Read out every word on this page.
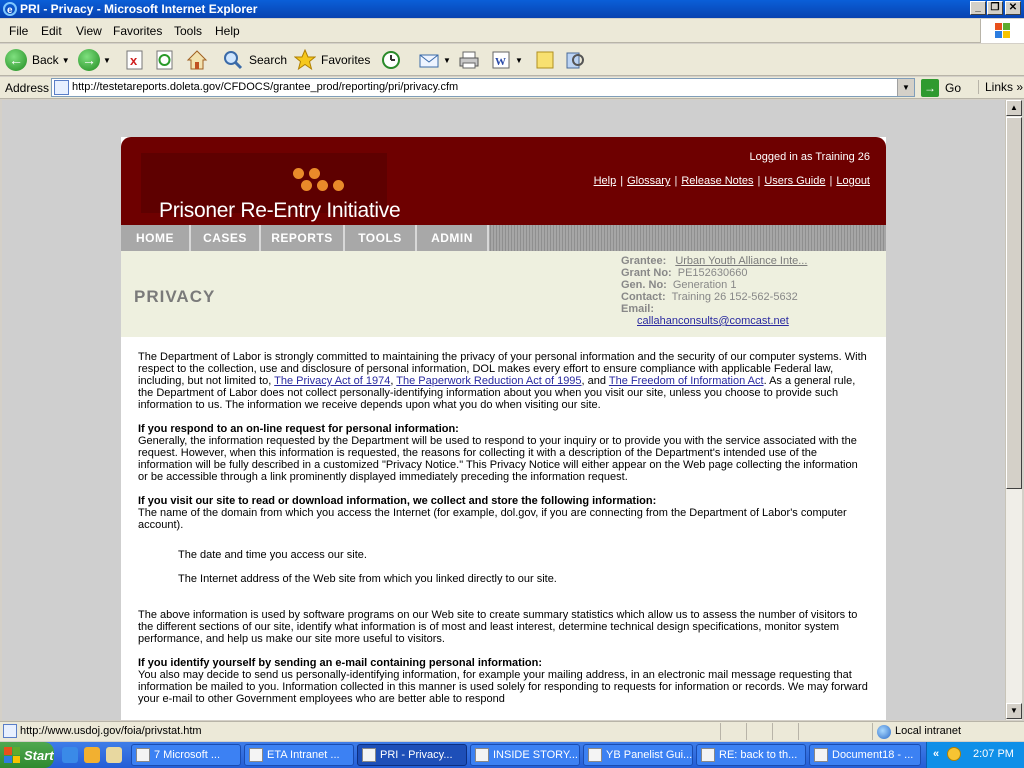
e PRI - Privacy - Microsoft Internet Explorer	_ ❐ ✕
File Edit View Favorites Tools Help
← Back ▼ → ▼ x	Search	Favorites	▼	W ▼
Address http://testetareports.doleta.gov/CFDOCS/grantee_prod/reporting/pri/privacy.cfm	▼	→ Go	Links »
Prisoner Re-Entry Initiative
Logged in as Training 26
Help | Glossary | Release Notes | Users Guide | Logout
HOME	CASES	REPORTS	TOOLS	ADMIN
PRIVACY
Grantee: Urban Youth Alliance Inte...
Grant No: PE152630660
Gen. No: Generation 1
Contact: Training 26 152-562-5632
Email:
callahanconsults@comcast.net

The Department of Labor is strongly committed to maintaining the privacy of your personal information and the security of our computer systems. With respect to the collection, use and disclosure of personal information, DOL makes every effort to ensure compliance with applicable Federal law, including, but not limited to, The Privacy Act of 1974, The Paperwork Reduction Act of 1995, and The Freedom of Information Act. As a general rule, the Department of Labor does not collect personally-identifying information about you when you visit our site, unless you choose to provide such information to us. The information we receive depends upon what you do when visiting our site.

If you respond to an on-line request for personal information:
Generally, the information requested by the Department will be used to respond to your inquiry or to provide you with the service associated with the request. However, when this information is requested, the reasons for collecting it with a description of the Department's intended use of the information will be fully described in a customized "Privacy Notice." This Privacy Notice will either appear on the Web page collecting the information or be accessible through a link prominently displayed immediately preceding the information request.

If you visit our site to read or download information, we collect and store the following information:
The name of the domain from which you access the Internet (for example, dol.gov, if you are connecting from the Department of Labor's computer account).

The date and time you access our site.

The Internet address of the Web site from which you linked directly to our site.

The above information is used by software programs on our Web site to create summary statistics which allow us to assess the number of visitors to the different sections of our site, identify what information is of most and least interest, determine technical design specifications, monitor system performance, and help us make our site more useful to visitors.

If you identify yourself by sending an e-mail containing personal information:
You also may decide to send us personally-identifying information, for example your mailing address, in an electronic mail message requesting that information be mailed to you. Information collected in this manner is used solely for responding to requests for information or records. We may forward your e-mail to other Government employees who are better able to respond

▲
▼
http://www.usdoj.gov/foia/privstat.htm	Local intranet
Start	7 Microsoft ...	ETA Intranet ...	PRI - Privacy...	INSIDE STORY...	YB Panelist Gui... RE: back to th...	Document18 - ... «	2:07 PM
